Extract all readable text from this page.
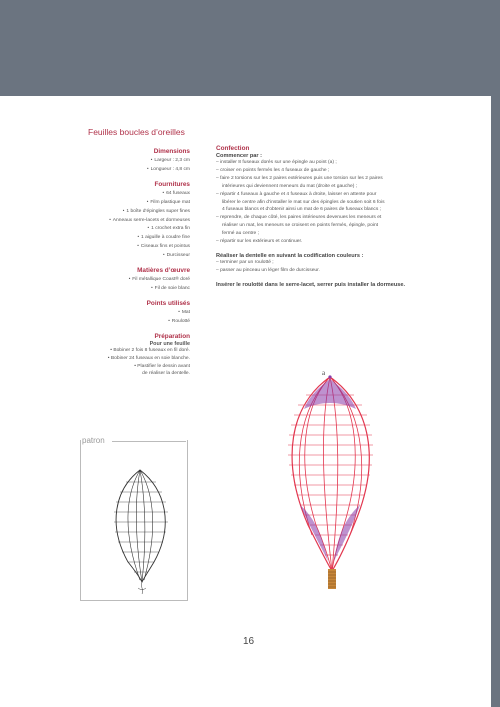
Feuilles boucles d’oreilles
Dimensions
• Largeur : 2,3 cm
• Longueur : 4,8 cm
Fournitures
• 64 fuseaux
• Film plastique mat
• 1 boîte d’épingles super fines
• Anneaux serre-lacets et dormeuses
• 1 crochet extra fin
• 1 aiguille à coudre fine
• Ciseaux fins et pointus
• Durcisseur
Matières d’œuvre
• Fil métallique Coast® doré
• Fil de soie blanc
Points utilisés
• Mat
• Roulotté
Préparation
Pour une feuille
• Bobiner 2 fois 8 fuseaux en fil doré.
• Bobiner 24 fuseaux en soie blanche.
• Plastifier le dessin avant
de réaliser la dentelle.
Confection
Commencer par :
– installer 8 fuseaux dorés sur une épingle au point (a) ;
– croiser en points fermés les 4 fuseaux de gauche ;
– faire 2 torsions sur les 2 paires extérieures puis une torsion sur les 2 paires
intérieures qui deviennent meneurs du mat (droite et gauche) ;
– répartir 4 fuseaux à gauche et 4 fuseaux à droite, laisser en attente pour
libérer le centre afin d’installer le mat sur des épingles de soutien soit 6 fois
4 fuseaux blancs et d’obtenir ainsi un mat de 6 paires de fuseaux blancs ;
– reprendre, de chaque côté, les paires intérieures devenues les meneurs et
réaliser un mat, les meneurs se croisent en points fermés, épingle, point
fermé au centre ;
– répartir sur les extérieurs et continuer.
Réaliser la dentelle en suivant la codification couleurs :
– terminer par un roulotté ;
– passer au pinceau un léger film de durcisseur.
Insérer le roulotté dans le serre-lacet, serrer puis installer la dormeuse.
a
patron
16
